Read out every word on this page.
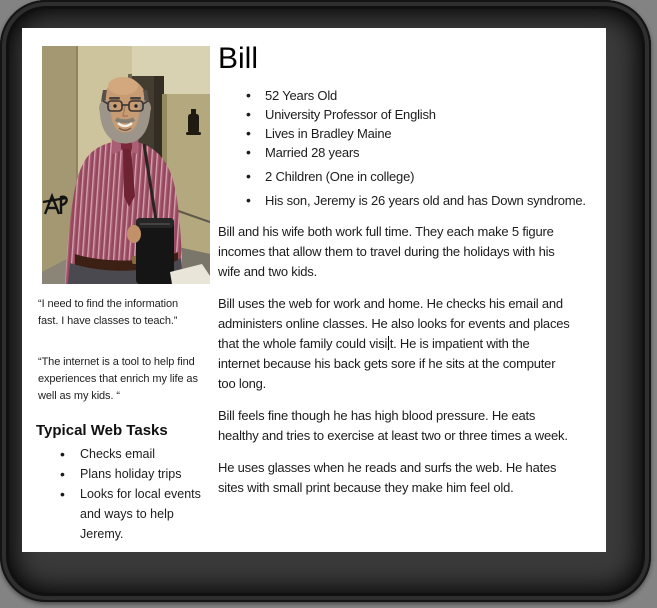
“I need to find the information
fast. I have classes to teach.”
“The internet is a tool to help find
experiences that enrich my life as
well as my kids. “
Typical Web Tasks
• Checks email
• Plans holiday trips
• Looks for local events
and ways to help
Jeremy.
Bill
• 52 Years Old
• University Professor of English
• Lives in Bradley Maine
• Married 28 years
• 2 Children (One in college)
• His son, Jeremy is 26 years old and has Down syndrome.
Bill and his wife both work full time. They each make 5 figure
incomes that allow them to travel during the holidays with his
wife and two kids.
Bill uses the web for work and home. He checks his email and
administers online classes. He also looks for events and places
that the whole family could visi t. He is impatient with the
internet because his back gets sore if he sits at the computer
too long.
Bill feels fine though he has high blood pressure. He eats
healthy and tries to exercise at least two or three times a week.
He uses glasses when he reads and surfs the web. He hates
sites with small print because they make him feel old.
